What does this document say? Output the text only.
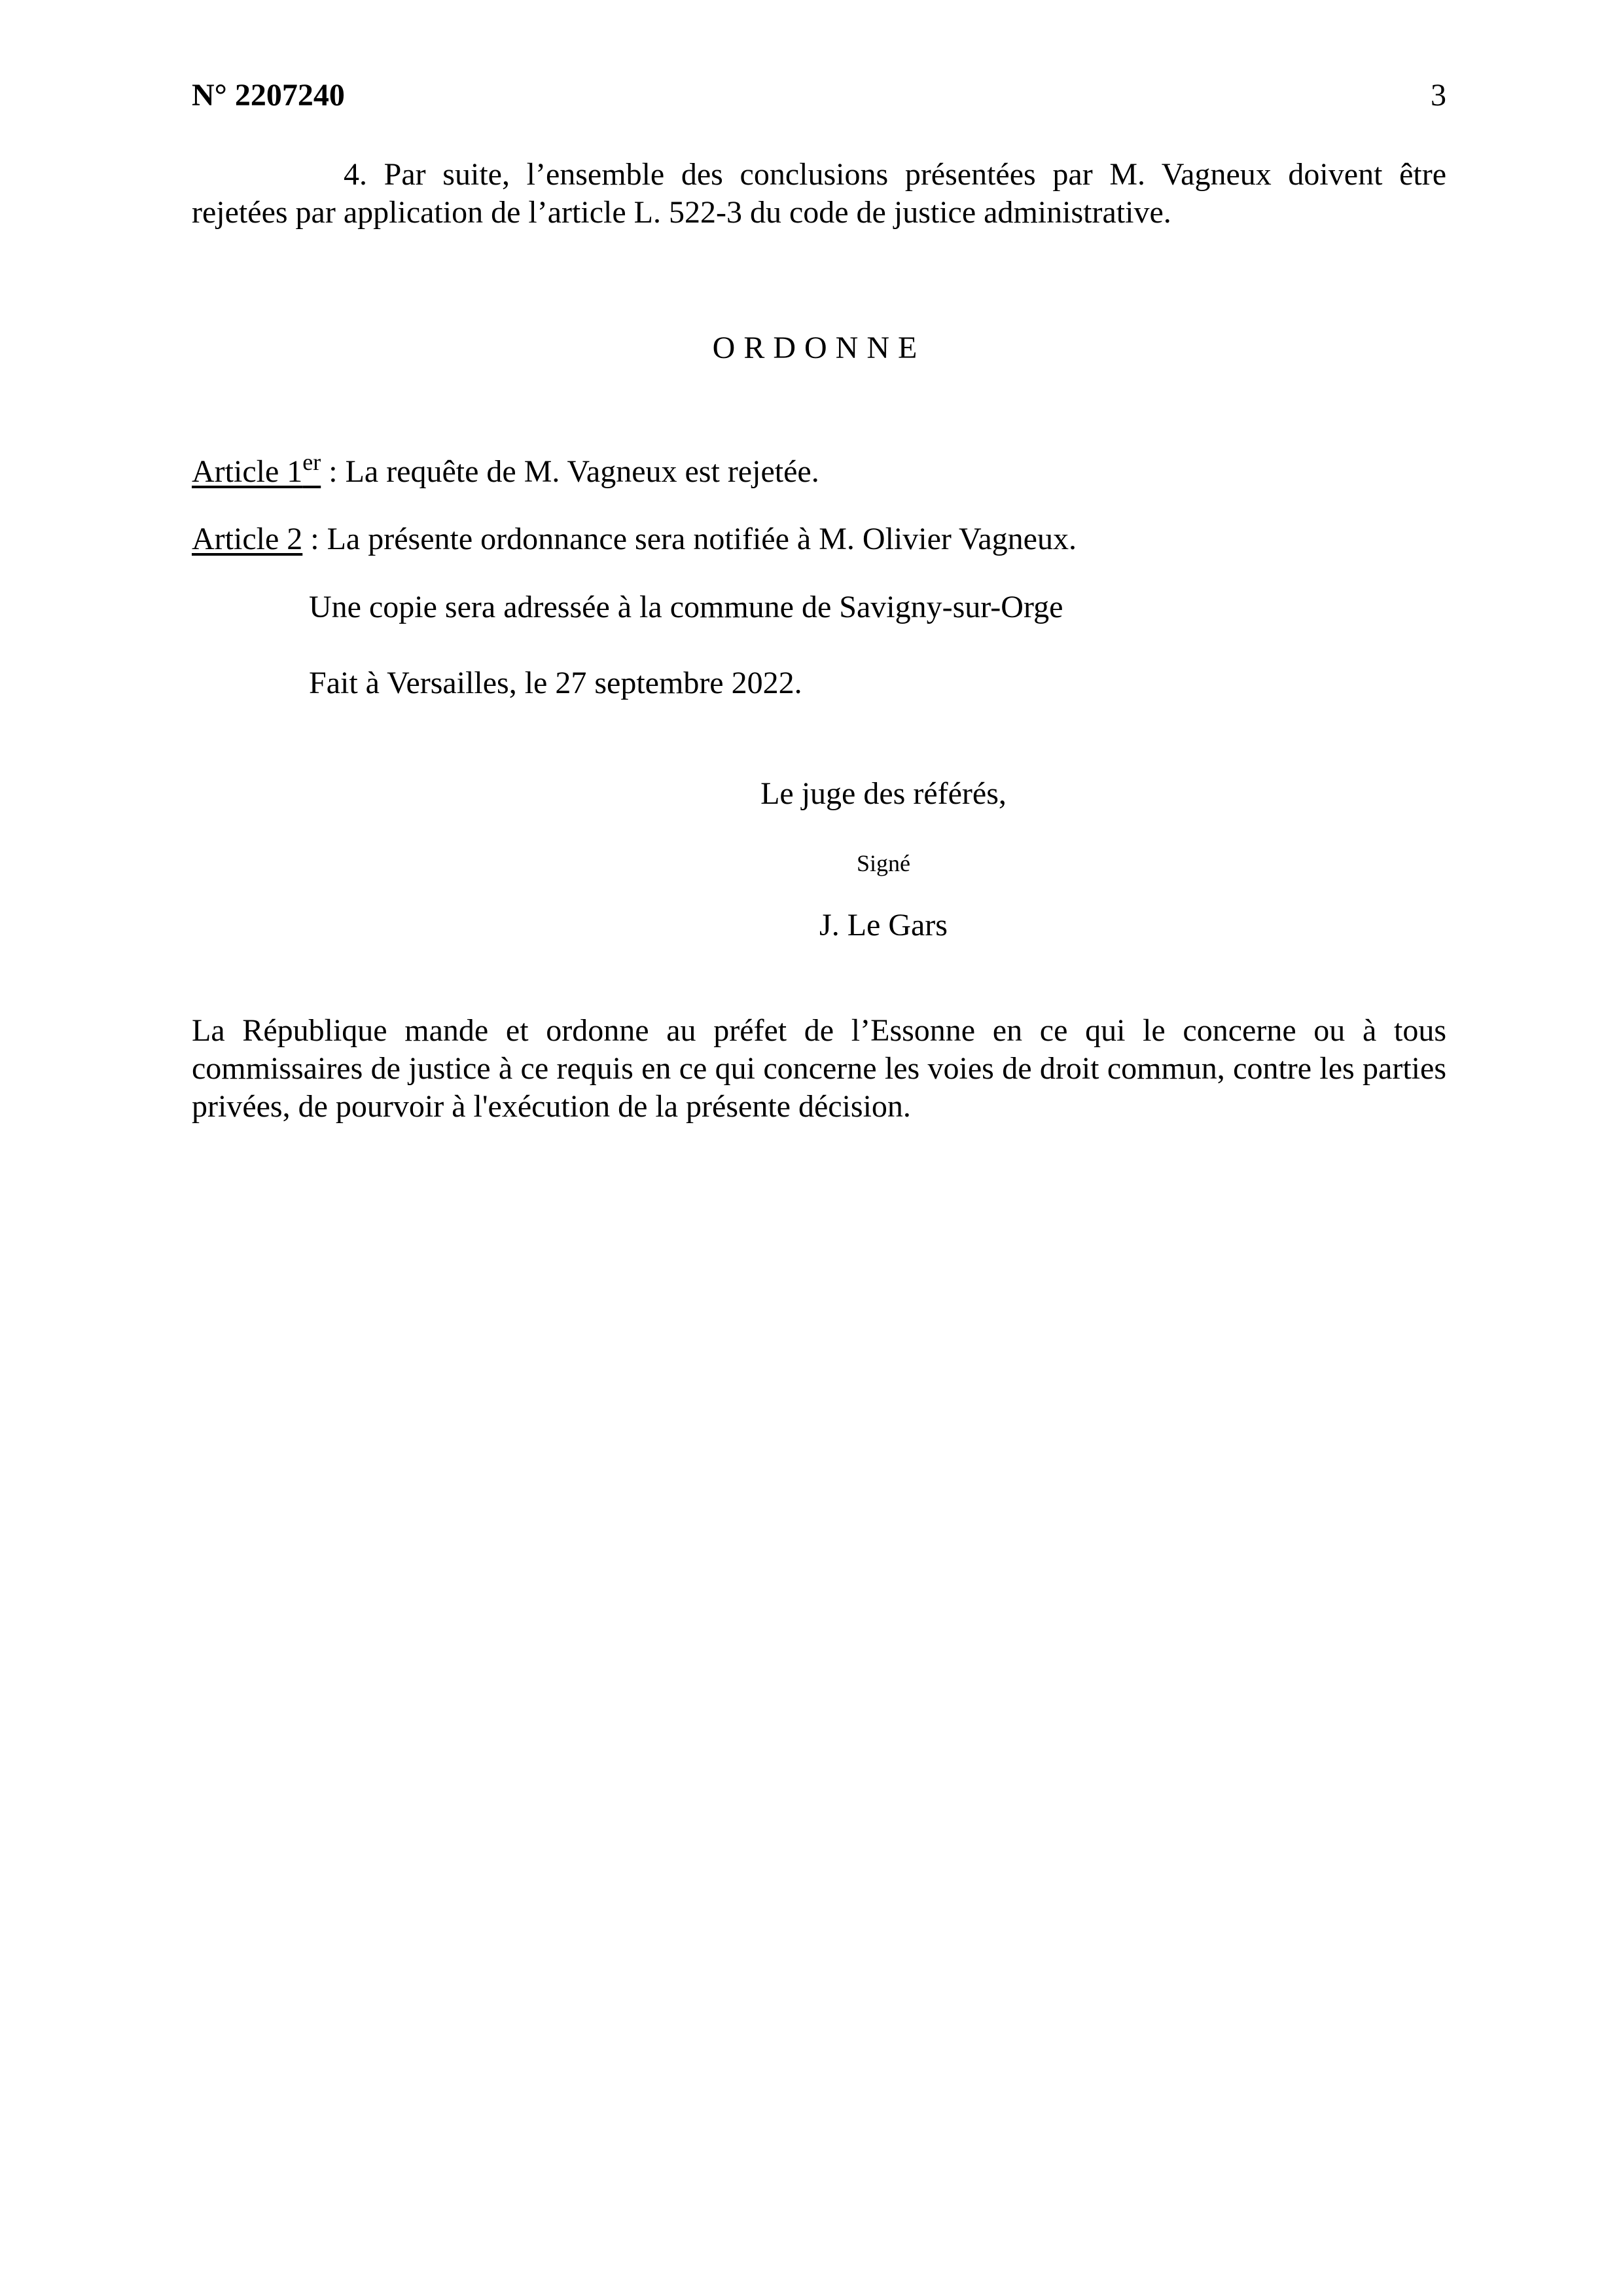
N° 2207240	3
4. Par suite, l’ensemble des conclusions présentées par M. Vagneux doivent être rejetées par application de l’article L. 522-3 du code de justice administrative.
ORDONNE
Article 1er : La requête de M. Vagneux est rejetée.
Article 2 : La présente ordonnance sera notifiée à M. Olivier Vagneux.
Une copie sera adressée à la commune de Savigny-sur-Orge
Fait à Versailles, le 27 septembre 2022.
Le juge des référés,
Signé
J. Le Gars
La République mande et ordonne au préfet de l’Essonne en ce qui le concerne ou à tous commissaires de justice à ce requis en ce qui concerne les voies de droit commun, contre les parties privées, de pourvoir à l'exécution de la présente décision.
